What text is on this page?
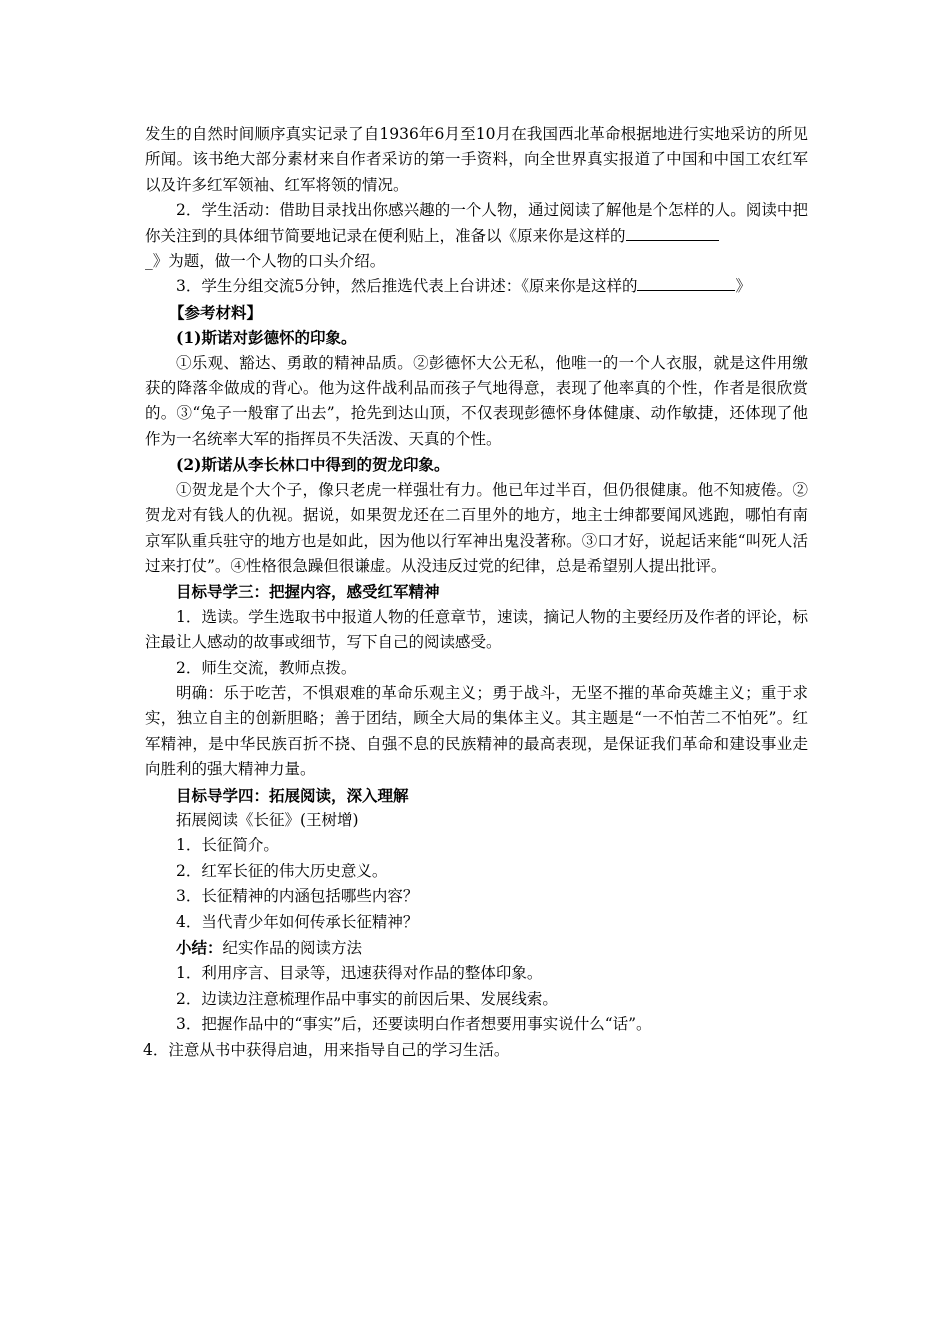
发生的自然时间顺序真实记录了自1936年6月至10月在我国西北革命根据地进行实地采访的所见所闻。该书绝大部分素材来自作者采访的第一手资料，向全世界真实报道了中国和中国工农红军以及许多红军领袖、红军将领的情况。

2．学生活动：借助目录找出你感兴趣的一个人物，通过阅读了解他是个怎样的人。阅读中把你关注到的具体细节简要地记录在便利贴上，准备以《原来你是这样的
_》为题，做一个人物的口头介绍。

3．学生分组交流5分钟，然后推选代表上台讲述：《原来你是这样的	》

【参考材料】

(1)斯诺对彭德怀的印象。

①乐观、豁达、勇敢的精神品质。②彭德怀大公无私，他唯一的一个人衣服，就是这件用缴获的降落伞做成的背心。他为这件战利品而孩子气地得意，表现了他率真的个性，作者是很欣赏的。③“兔子一般窜了出去”，抢先到达山顶，不仅表现彭德怀身体健康、动作敏捷，还体现了他作为一名统率大军的指挥员不失活泼、天真的个性。

(2)斯诺从李长林口中得到的贺龙印象。

①贺龙是个大个子，像只老虎一样强壮有力。他已年过半百，但仍很健康。他不知疲倦。②贺龙对有钱人的仇视。据说，如果贺龙还在二百里外的地方，地主士绅都要闻风逃跑，哪怕有南京军队重兵驻守的地方也是如此，因为他以行军神出鬼没著称。③口才好，说起话来能“叫死人活过来打仗”。④性格很急躁但很谦虚。从没违反过党的纪律，总是希望别人提出批评。

目标导学三：把握内容，感受红军精神

1．选读。学生选取书中报道人物的任意章节，速读，摘记人物的主要经历及作者的评论，标注最让人感动的故事或细节，写下自己的阅读感受。

2．师生交流，教师点拨。

明确：乐于吃苦，不惧艰难的革命乐观主义；勇于战斗，无坚不摧的革命英雄主义；重于求实，独立自主的创新胆略；善于团结，顾全大局的集体主义。其主题是“一不怕苦二不怕死”。红军精神，是中华民族百折不挠、自强不息的民族精神的最高表现，是保证我们革命和建设事业走向胜利的强大精神力量。

目标导学四：拓展阅读，深入理解

拓展阅读《长征》(王树增)

1．长征简介。

2．红军长征的伟大历史意义。

3．长征精神的内涵包括哪些内容？

4．当代青少年如何传承长征精神？

小结：纪实作品的阅读方法

1．利用序言、目录等，迅速获得对作品的整体印象。

2．边读边注意梳理作品中事实的前因后果、发展线索。

3．把握作品中的“事实”后，还要读明白作者想要用事实说什么“话”。

4．注意从书中获得启迪，用来指导自己的学习生活。
